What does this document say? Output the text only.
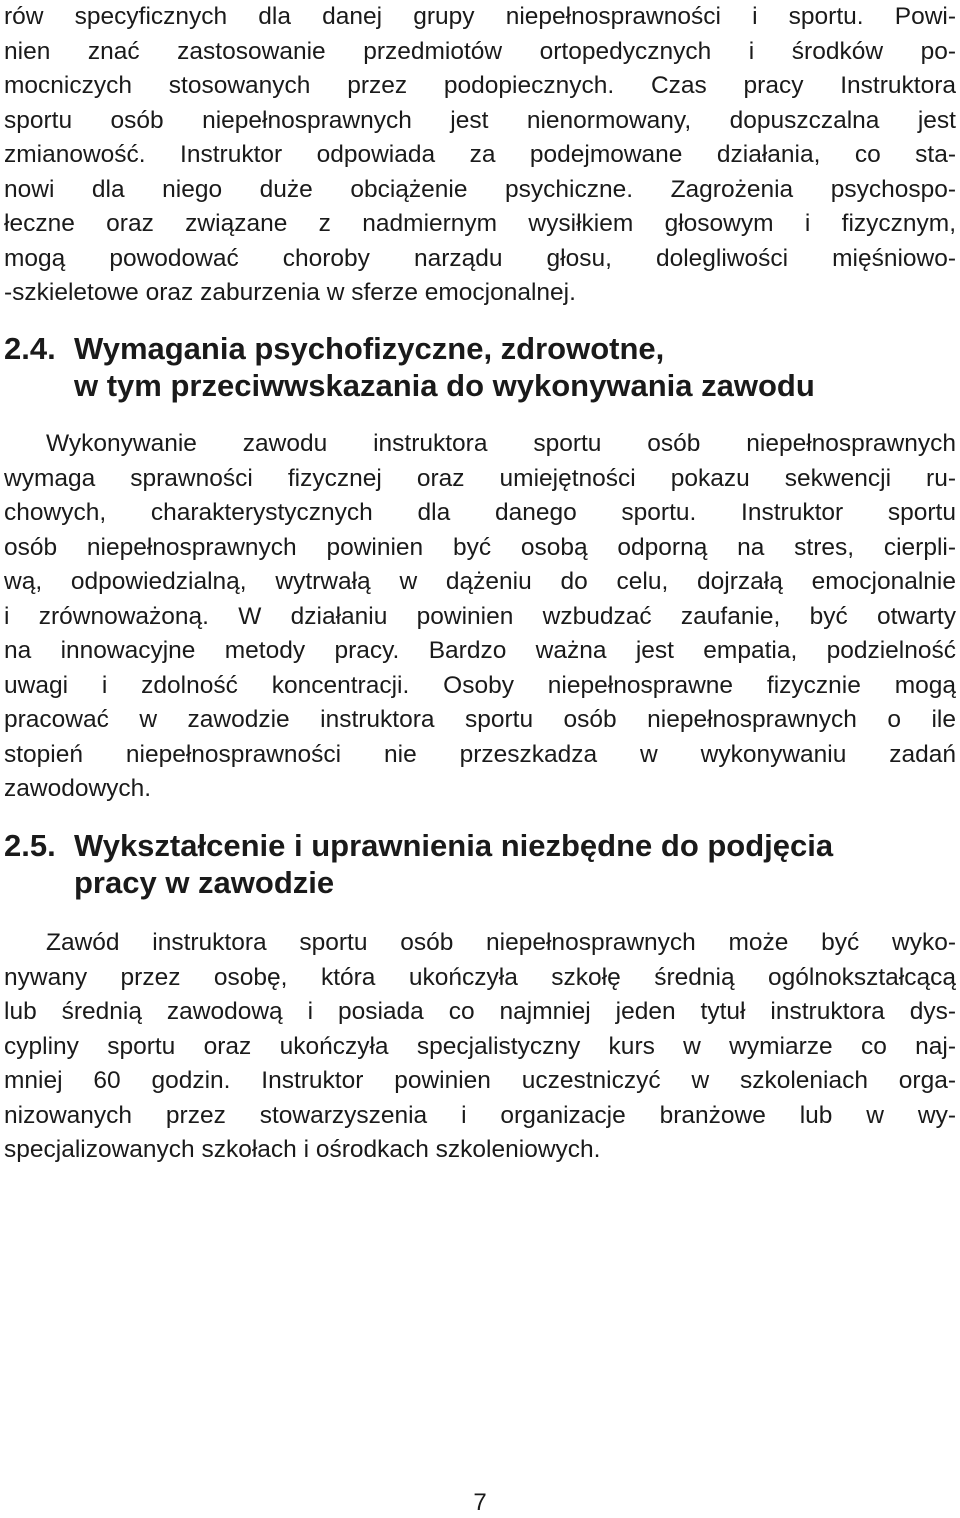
rów specyficznych dla danej grupy niepełnosprawności i sportu. Powi-
nien znać zastosowanie przedmiotów ortopedycznych i środków po-
mocniczych stosowanych przez podopiecznych. Czas pracy Instruktora
sportu osób niepełnosprawnych jest nienormowany, dopuszczalna jest
zmianowość. Instruktor odpowiada za podejmowane działania, co sta-
nowi dla niego duże obciążenie psychiczne. Zagrożenia psychospo-
łeczne oraz związane z nadmiernym wysiłkiem głosowym i fizycznym,
mogą powodować choroby narządu głosu, dolegliwości mięśniowo-
-szkieletowe oraz zaburzenia w sferze emocjonalnej.
2.4. Wymagania psychofizyczne, zdrowotne,
w tym przeciwwskazania do wykonywania zawodu
Wykonywanie zawodu instruktora sportu osób niepełnosprawnych
wymaga sprawności fizycznej oraz umiejętności pokazu sekwencji ru-
chowych, charakterystycznych dla danego sportu. Instruktor sportu
osób niepełnosprawnych powinien być osobą odporną na stres, cierpli-
wą, odpowiedzialną, wytrwałą w dążeniu do celu, dojrzałą emocjonalnie
i zrównoważoną. W działaniu powinien wzbudzać zaufanie, być otwarty
na innowacyjne metody pracy. Bardzo ważna jest empatia, podzielność
uwagi i zdolność koncentracji. Osoby niepełnosprawne fizycznie mogą
pracować w zawodzie instruktora sportu osób niepełnosprawnych o ile
stopień niepełnosprawności nie przeszkadza w wykonywaniu zadań
zawodowych.
2.5. Wykształcenie i uprawnienia niezbędne do podjęcia
pracy w zawodzie
Zawód instruktora sportu osób niepełnosprawnych może być wyko-
nywany przez osobę, która ukończyła szkołę średnią ogólnokształcącą
lub średnią zawodową i posiada co najmniej jeden tytuł instruktora dys-
cypliny sportu oraz ukończyła specjalistyczny kurs w wymiarze co naj-
mniej 60 godzin. Instruktor powinien uczestniczyć w szkoleniach orga-
nizowanych przez stowarzyszenia i organizacje branżowe lub w wy-
specjalizowanych szkołach i ośrodkach szkoleniowych.
7
